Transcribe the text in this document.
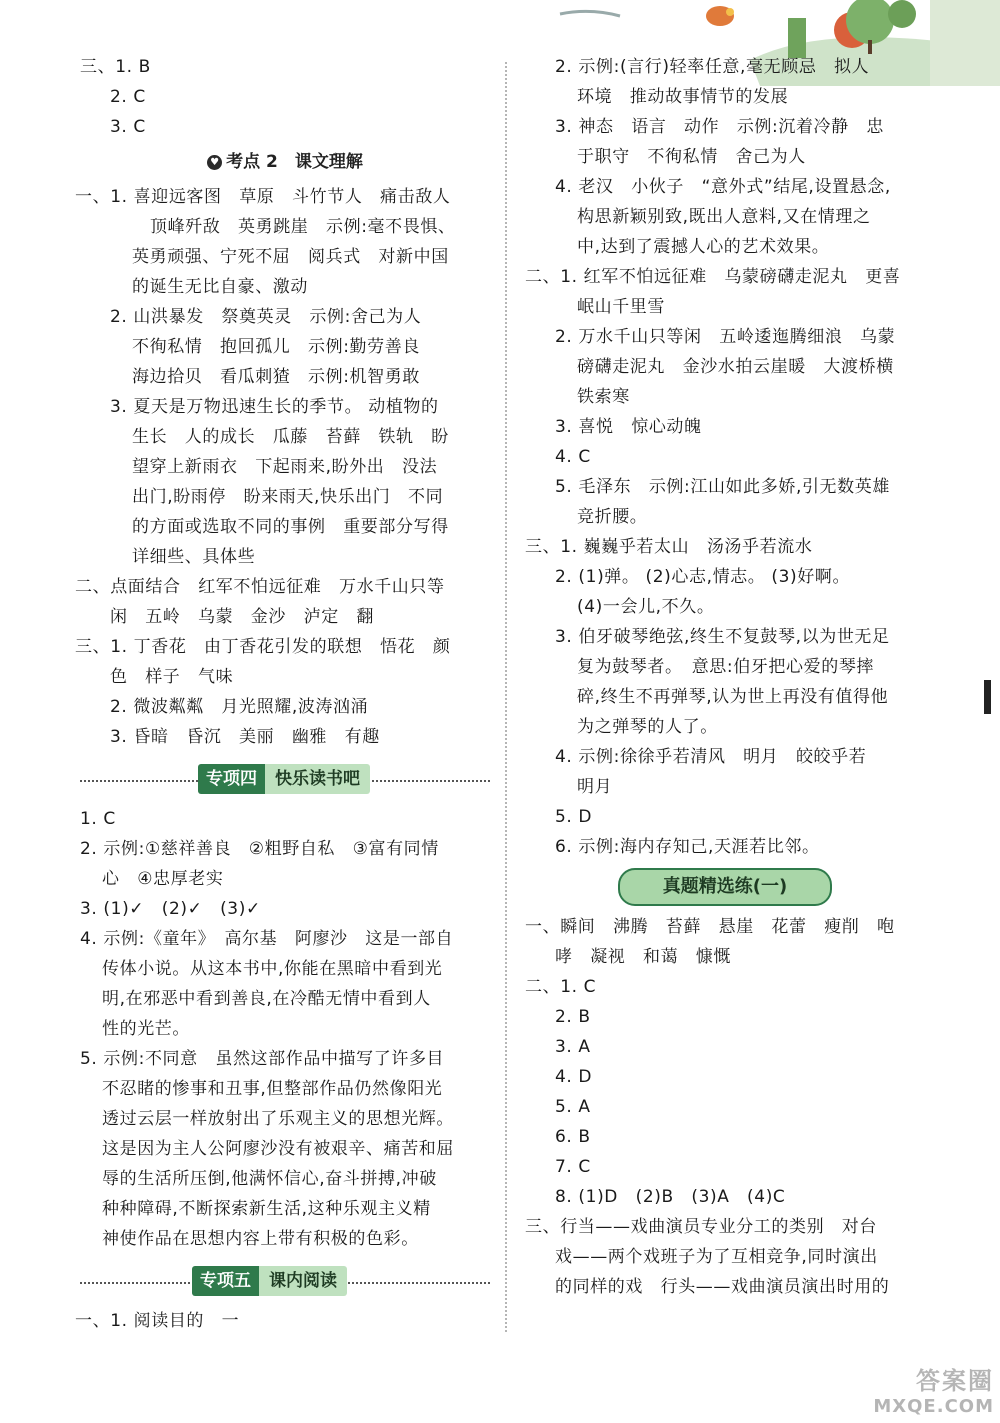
三、1. B
2. C
3. C
♥ 考点 2　课文理解
一、1. 喜迎远客图　草原　斗竹节人　痛击敌人
顶峰歼敌　英勇跳崖　示例:毫不畏惧、
英勇顽强、宁死不屈　阅兵式　对新中国
的诞生无比自豪、激动
2. 山洪暴发　祭奠英灵　示例:舍己为人
不徇私情　抱回孤儿　示例:勤劳善良
海边拾贝　看瓜刺猹　示例:机智勇敢
3. 夏天是万物迅速生长的季节。 动植物的
生长　人的成长　瓜藤　苔藓　铁轨　盼
望穿上新雨衣　下起雨来,盼外出　没法
出门,盼雨停　盼来雨天,快乐出门　不同
的方面或选取不同的事例　重要部分写得
详细些、具体些
二、点面结合　红军不怕远征难　万水千山只等
闲　五岭　乌蒙　金沙　泸定　翻
三、1. 丁香花　由丁香花引发的联想　悟花　颜
色　样子　气味
2. 微波粼粼　月光照耀,波涛汹涌
3. 昏暗　昏沉　美丽　幽雅　有趣
专项四	快乐读书吧
1. C
2. 示例:①慈祥善良　②粗野自私　③富有同情
心　④忠厚老实
3. (1)✓　(2)✓　(3)✓
4. 示例:《童年》　高尔基　阿廖沙　这是一部自
传体小说。从这本书中,你能在黑暗中看到光
明,在邪恶中看到善良,在冷酷无情中看到人
性的光芒。
5. 示例:不同意　虽然这部作品中描写了许多目
不忍睹的惨事和丑事,但整部作品仍然像阳光
透过云层一样放射出了乐观主义的思想光辉。
这是因为主人公阿廖沙没有被艰辛、痛苦和屈
辱的生活所压倒,他满怀信心,奋斗拼搏,冲破
种种障碍,不断探索新生活,这种乐观主义精
神使作品在思想内容上带有积极的色彩。
专项五	课内阅读
一、1. 阅读目的　一
2. 示例:(言行)轻率任意,毫无顾忌　拟人
环境　推动故事情节的发展
3. 神态　语言　动作　示例:沉着冷静　忠
于职守　不徇私情　舍己为人
4. 老汉　小伙子　“意外式”结尾,设置悬念,
构思新颖别致,既出人意料,又在情理之
中,达到了震撼人心的艺术效果。
二、1. 红军不怕远征难　乌蒙磅礴走泥丸　更喜
岷山千里雪
2. 万水千山只等闲　五岭逶迤腾细浪　乌蒙
磅礴走泥丸　金沙水拍云崖暖　大渡桥横
铁索寒
3. 喜悦　惊心动魄
4. C
5. 毛泽东　示例:江山如此多娇,引无数英雄
竞折腰。
三、1. 巍巍乎若太山　汤汤乎若流水
2. (1)弹。 (2)心志,情志。 (3)好啊。
(4)一会儿,不久。
3. 伯牙破琴绝弦,终生不复鼓琴,以为世无足
复为鼓琴者。　意思:伯牙把心爱的琴摔
碎,终生不再弹琴,认为世上再没有值得他
为之弹琴的人了。
4. 示例:徐徐乎若清风　明月　皎皎乎若
明月
5. D
6. 示例:海内存知己,天涯若比邻。
真题精选练(一)
一、瞬间　沸腾　苔藓　悬崖　花蕾　瘦削　咆
哮　凝视　和蔼　慷慨
二、1. C
2. B
3. A
4. D
5. A
6. B
7. C
8. (1)D　(2)B　(3)A　(4)C
三、行当——戏曲演员专业分工的类别　对台
戏——两个戏班子为了互相竞争,同时演出
的同样的戏　行头——戏曲演员演出时用的
答案圈
MXQE.COM
